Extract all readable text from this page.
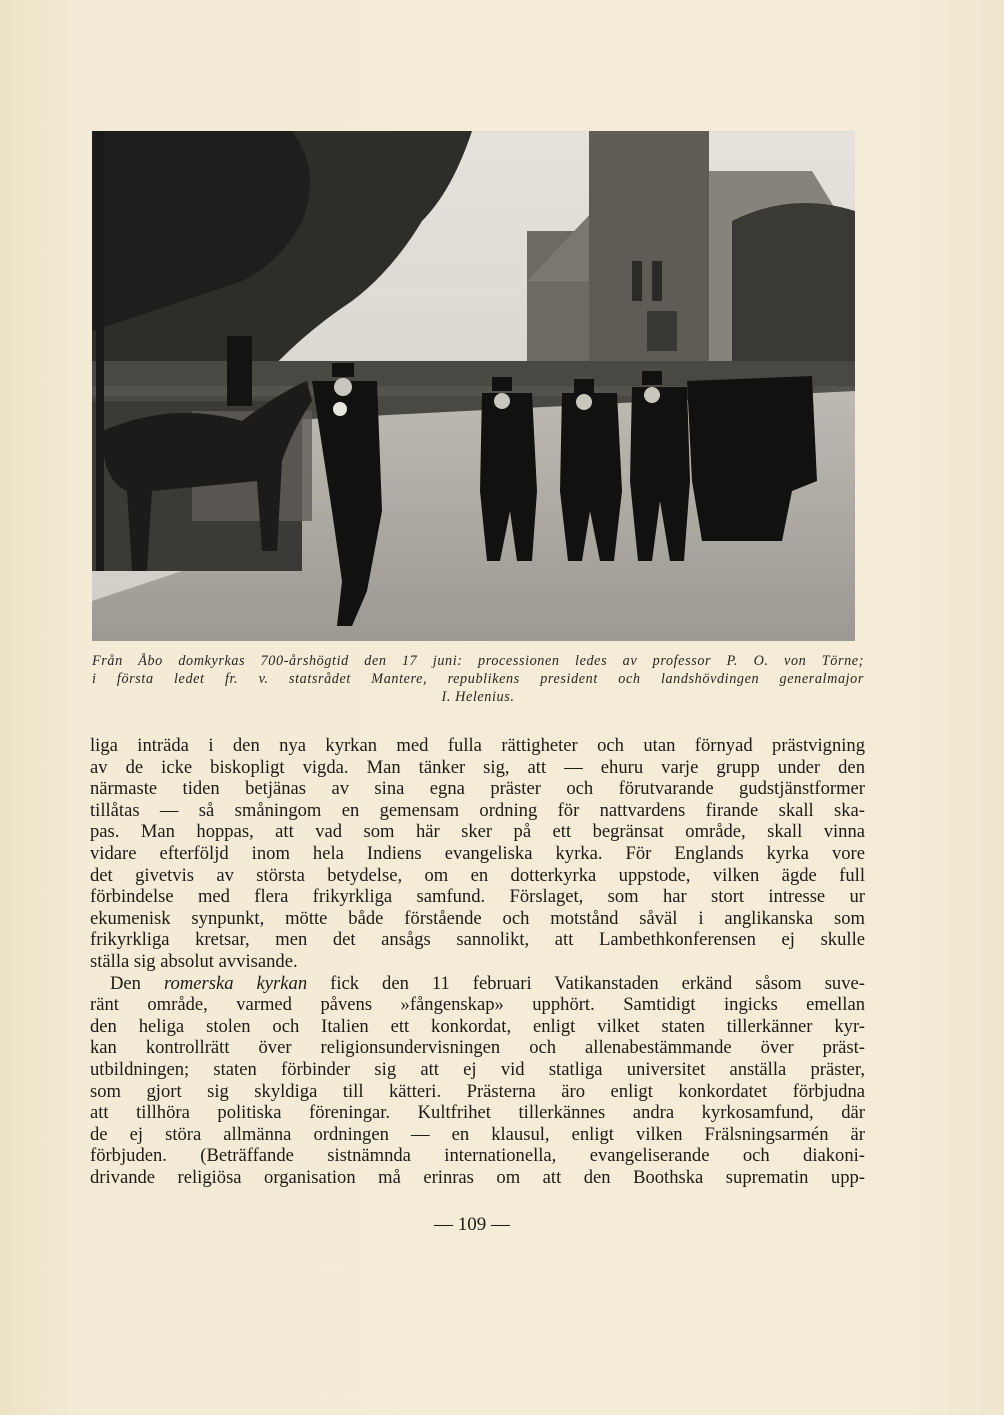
Från Åbo domkyrkas 700-årshögtid den 17 juni: processionen ledes av professor P. O. von Törne;
i första ledet fr. v. statsrådet Mantere, republikens president och landshövdingen generalmajor
I. Helenius.
liga inträda i den nya kyrkan med fulla rättigheter och utan förnyad prästvigning
av de icke biskopligt vigda. Man tänker sig, att — ehuru varje grupp under den
närmaste tiden betjänas av sina egna präster och förutvarande gudstjänstformer
tillåtas — så småningom en gemensam ordning för nattvardens firande skall ska-
pas. Man hoppas, att vad som här sker på ett begränsat område, skall vinna
vidare efterföljd inom hela Indiens evangeliska kyrka. För Englands kyrka vore
det givetvis av största betydelse, om en dotterkyrka uppstode, vilken ägde full
förbindelse med flera frikyrkliga samfund. Förslaget, som har stort intresse ur
ekumenisk synpunkt, mötte både förstående och motstånd såväl i anglikanska som
frikyrkliga kretsar, men det ansågs sannolikt, att Lambethkonferensen ej skulle
ställa sig absolut avvisande.
Den romerska kyrkan fick den 11 februari Vatikanstaden erkänd såsom suve-
ränt område, varmed påvens »fångenskap» upphört. Samtidigt ingicks emellan
den heliga stolen och Italien ett konkordat, enligt vilket staten tillerkänner kyr-
kan kontrollrätt över religionsundervisningen och allenabestämmande över präst-
utbildningen; staten förbinder sig att ej vid statliga universitet anställa präster,
som gjort sig skyldiga till kätteri. Prästerna äro enligt konkordatet förbjudna
att tillhöra politiska föreningar. Kultfrihet tillerkännes andra kyrkosamfund, där
de ej störa allmänna ordningen — en klausul, enligt vilken Frälsningsarmén är
förbjuden. (Beträffande sistnämnda internationella, evangeliserande och diakoni-
drivande religiösa organisation må erinras om att den Boothska suprematin upp-
— 109 —
